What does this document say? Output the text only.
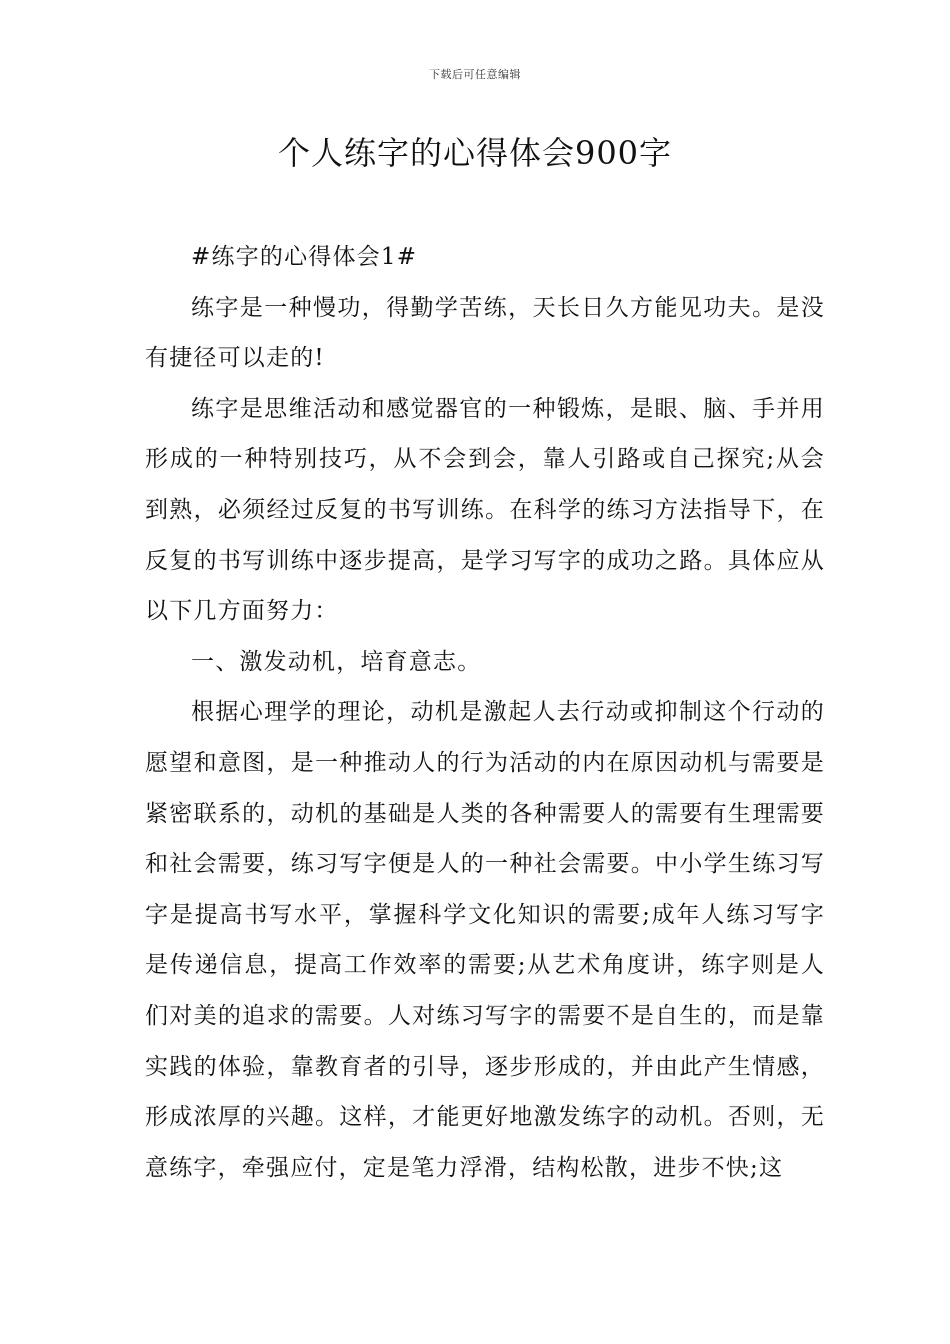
下载后可任意编辑
个人练字的心得体会900字

#练字的心得体会1#

练字是一种慢功，得勤学苦练，天长日久方能见功夫。是没有捷径可以走的!

练字是思维活动和感觉器官的一种锻炼，是眼、脑、手并用形成的一种特别技巧，从不会到会，靠人引路或自己探究;从会到熟，必须经过反复的书写训练。在科学的练习方法指导下，在反复的书写训练中逐步提高，是学习写字的成功之路。具体应从以下几方面努力：

一、激发动机，培育意志。

根据心理学的理论，动机是激起人去行动或抑制这个行动的愿望和意图，是一种推动人的行为活动的内在原因动机与需要是紧密联系的，动机的基础是人类的各种需要人的需要有生理需要和社会需要，练习写字便是人的一种社会需要。中小学生练习写字是提高书写水平，掌握科学文化知识的需要;成年人练习写字是传递信息，提高工作效率的需要;从艺术角度讲，练字则是人们对美的追求的需要。人对练习写字的需要不是自生的，而是靠实践的体验，靠教育者的引导，逐步形成的，并由此产生情感，形成浓厚的兴趣。这样，才能更好地激发练字的动机。否则，无意练字，牵强应付，定是笔力浮滑，结构松散，进步不快;这
